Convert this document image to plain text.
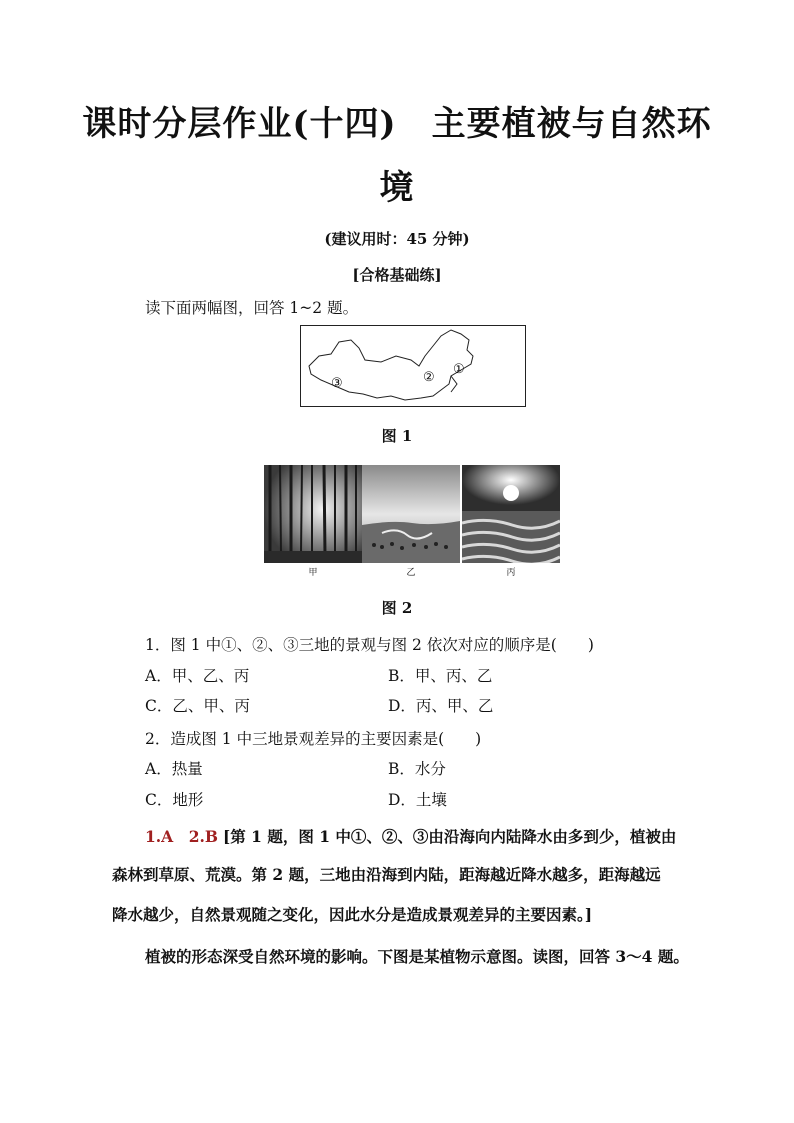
课时分层作业(十四)　主要植被与自然环
境
(建议用时：45 分钟)
[合格基础练]
读下面两幅图，回答 1~2 题。
③	②
①
图 1
甲	乙	丙
图 2
1．图 1 中①、②、③三地的景观与图 2 依次对应的顺序是(　　)
A．甲、乙、丙	B．甲、丙、乙
C．乙、甲、丙	D．丙、甲、乙
2．造成图 1 中三地景观差异的主要因素是(　　)
A．热量	B．水分
C．地形	D．土壤
1.A　2.B [第 1 题，图 1 中①、②、③由沿海向内陆降水由多到少，植被由
森林到草原、荒漠。第 2 题，三地由沿海到内陆，距海越近降水越多，距海越远
降水越少，自然景观随之变化，因此水分是造成景观差异的主要因素。]
植被的形态深受自然环境的影响。下图是某植物示意图。读图，回答 3～4 题。
